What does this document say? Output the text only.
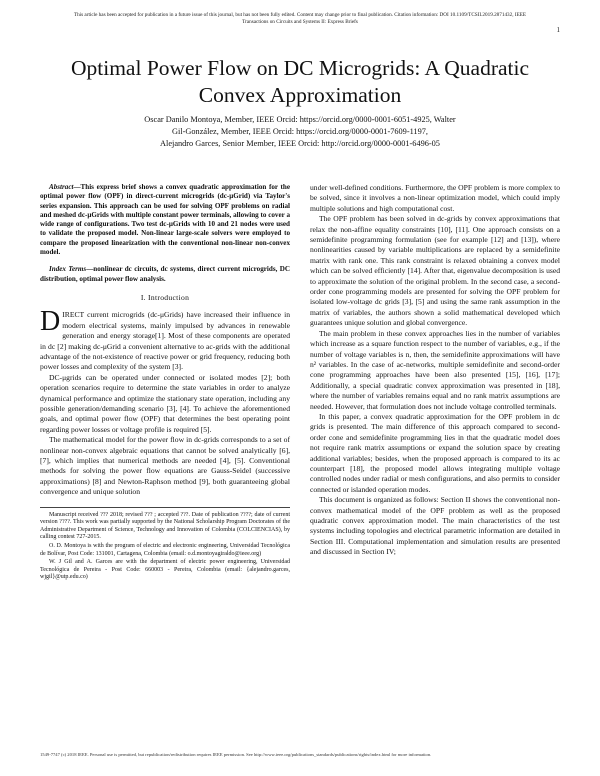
This article has been accepted for publication in a future issue of this journal, but has not been fully edited. Content may change prior to final publication. Citation information: DOI 10.1109/TCSII.2019.2871432, IEEE
Transactions on Circuits and Systems II: Express Briefs
1
Optimal Power Flow on DC Microgrids: A Quadratic Convex Approximation
Oscar Danilo Montoya, Member, IEEE Orcid: https://orcid.org/0000-0001-6051-4925, Walter
Gil-González, Member, IEEE Orcid: https://orcid.org/0000-0001-7609-1197,
Alejandro Garces, Senior Member, IEEE Orcid: http://orcid.org/0000-0001-6496-05

Abstract—This express brief shows a convex quadratic approximation for the optimal power flow (OPF) in direct-current microgrids (dc-μGrid) via Taylor's series expansion. This approach can be used for solving OPF problems on radial and meshed dc-μGrids with multiple constant power terminals, allowing to cover a wide range of configurations. Two test dc-μGrids with 10 and 21 nodes were used to validate the proposed model. Non-linear large-scale solvers were employed to compare the proposed linearization with the conventional non-linear non-convex model.

Index Terms—nonlinear dc circuits, dc systems, direct current microgrids, DC distribution, optimal power flow analysis.

I. Introduction

DIRECT current microgrids (dc-μGrids) have increased their influence in modern electrical systems, mainly impulsed by advances in renewable generation and energy storage[1]. Most of these components are operated in dc [2] making dc-μGrid a convenient alternative to ac-grids with the additional advantage of the not-existence of reactive power or grid frequency, reducing both power losses and complexity of the system [3].

DC-μgrids can be operated under connected or isolated modes [2]; both operation scenarios require to determine the state variables in order to analyze dynamical performance and optimize the stationary state operation, including any possible generation/demanding scenario [3], [4]. To achieve the aforementioned goals, and optimal power flow (OPF) that determines the best operating point regarding power losses or voltage profile is required [5].

The mathematical model for the power flow in dc-grids corresponds to a set of nonlinear non-convex algebraic equations that cannot be solved analytically [6], [7], which implies that numerical methods are needed [4], [5]. Conventional methods for solving the power flow equations are Gauss-Seidel (successive approximations) [8] and Newton-Raphson method [9], both guaranteeing global convergence and unique solution

Manuscript received ??? 2018; revised ??? ; accepted ???. Date of publication ????; date of current version ????. This work was partially supported by the National Scholarship Program Doctorates of the Administrative Department of Science, Technology and Innovation of Colombia (COLCIENCIAS), by calling contest 727-2015.

O. D. Montoya is with the program of electric and electronic engineering, Universidad Tecnológica de Bolívar, Post Code: 131001, Cartagena, Colombia (email: o.d.montoyagiraldo@ieee.org)

W. J Gil and A. Garces are with the department of electric power engineering, Universidad Tecnológica de Pereira - Post Code: 660003 - Pereira, Colombia (email: {alejandro.garces, wjgil}@utp.edu.co)

under well-defined conditions. Furthermore, the OPF problem is more complex to be solved, since it involves a non-linear optimization model, which could imply multiple solutions and high computational cost.

The OPF problem has been solved in dc-grids by convex approximations that relax the non-affine equality constraints [10], [11]. One approach consists on a semidefinite programming formulation (see for example [12] and [13]), where nonlinearities caused by variable multiplications are replaced by a semidefinite matrix with rank one. This rank constraint is relaxed obtaining a convex model which can be solved efficiently [14]. After that, eigenvalue decomposition is used to approximate the solution of the original problem. In the second case, a second-order cone programming models are presented for solving the OPF problem for isolated low-voltage dc grids [3], [5] and using the same rank assumption in the matrix of variables, the authors shown a solid mathematical developed which guarantees unique solution and global convergence.

The main problem in these convex approaches lies in the number of variables which increase as a square function respect to the number of variables, e.g., if the number of voltage variables is n, then, the semidefinite approximations will have n² variables. In the case of ac-networks, multiple semidefinite and second-order cone programming approaches have been also presented [15], [16], [17]; Additionally, a special quadratic convex approximation was presented in [18], where the number of variables remains equal and no rank matrix assumptions are needed. However, that formulation does not include voltage controlled terminals.

In this paper, a convex quadratic approximation for the OPF problem in dc grids is presented. The main difference of this approach compared to second-order cone and semidefinite programming lies in that the quadratic model does not require rank matrix assumptions or expand the solution space by creating additional variables; besides, when the proposed approach is compared to its ac counterpart [18], the proposed model allows integrating multiple voltage controlled nodes under radial or mesh configurations, and also permits to consider connected or islanded operation modes.

This document is organized as follows: Section II shows the conventional non-convex mathematical model of the OPF problem as well as the proposed quadratic convex approximation model. The main characteristics of the test systems including topologies and electrical parametric information are detailed in Section III. Computational implementation and simulation results are presented and discussed in Section IV;

1549-7747 (c) 2018 IEEE. Personal use is permitted, but republication/redistribution requires IEEE permission. See http://www.ieee.org/publications_standards/publications/rights/index.html for more information.
